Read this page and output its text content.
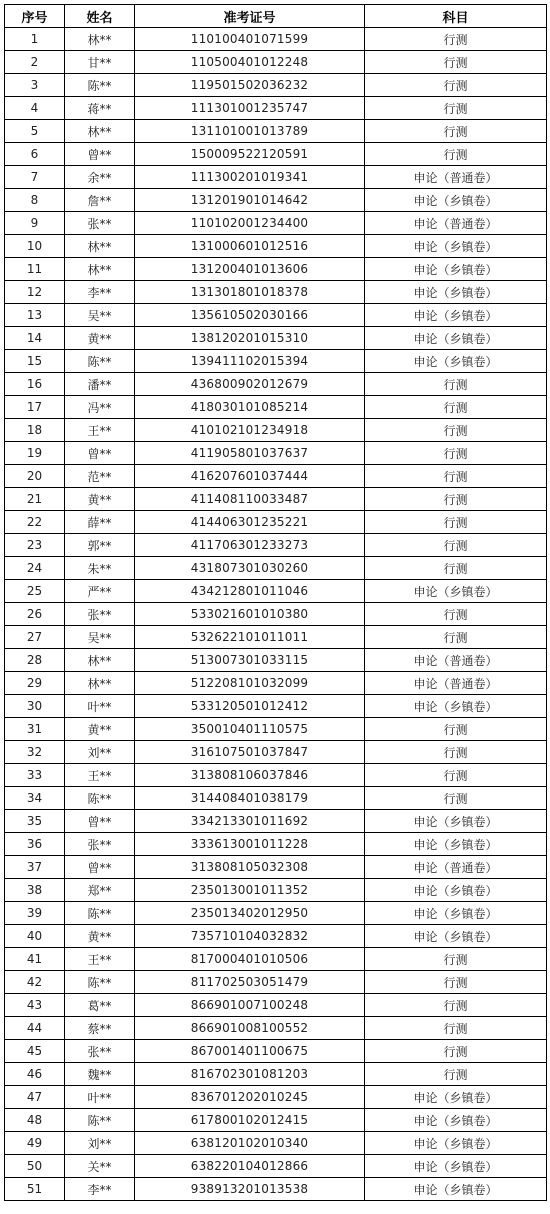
序号	姓名	准考证号	科目
1	林**	110100401071599	行测
2	甘**	110500401012248	行测
3	陈**	119501502036232	行测
4	蒋**	111301001235747	行测
5	林**	131101001013789	行测
6	曾**	150009522120591	行测
7	余**	111300201019341	申论（普通卷）
8	詹**	131201901014642	申论（乡镇卷）
9	张**	110102001234400	申论（普通卷）
10	林**	131000601012516	申论（乡镇卷）
11	林**	131200401013606	申论（乡镇卷）
12	李**	131301801018378	申论（乡镇卷）
13	吴**	135610502030166	申论（乡镇卷）
14	黄**	138120201015310	申论（乡镇卷）
15	陈**	139411102015394	申论（乡镇卷）
16	潘**	436800902012679	行测
17	冯**	418030101085214	行测
18	王**	410102101234918	行测
19	曾**	411905801037637	行测
20	范**	416207601037444	行测
21	黄**	411408110033487	行测
22	薛**	414406301235221	行测
23	郭**	411706301233273	行测
24	朱**	431807301030260	行测
25	严**	434212801011046	申论（乡镇卷）
26	张**	533021601010380	行测
27	吴**	532622101011011	行测
28	林**	513007301033115	申论（普通卷）
29	林**	512208101032099	申论（普通卷）
30	叶**	533120501012412	申论（乡镇卷）
31	黄**	350010401110575	行测
32	刘**	316107501037847	行测
33	王**	313808106037846	行测
34	陈**	314408401038179	行测
35	曾**	334213301011692	申论（乡镇卷）
36	张**	333613001011228	申论（乡镇卷）
37	曾**	313808105032308	申论（普通卷）
38	郑**	235013001011352	申论（乡镇卷）
39	陈**	235013402012950	申论（乡镇卷）
40	黄**	735710104032832	申论（乡镇卷）
41	王**	817000401010506	行测
42	陈**	811702503051479	行测
43	葛**	866901007100248	行测
44	蔡**	866901008100552	行测
45	张**	867001401100675	行测
46	魏**	816702301081203	行测
47	叶**	836701202010245	申论（乡镇卷）
48	陈**	617800102012415	申论（乡镇卷）
49	刘**	638120102010340	申论（乡镇卷）
50	关**	638220104012866	申论（乡镇卷）
51	李**	938913201013538	申论（乡镇卷）
